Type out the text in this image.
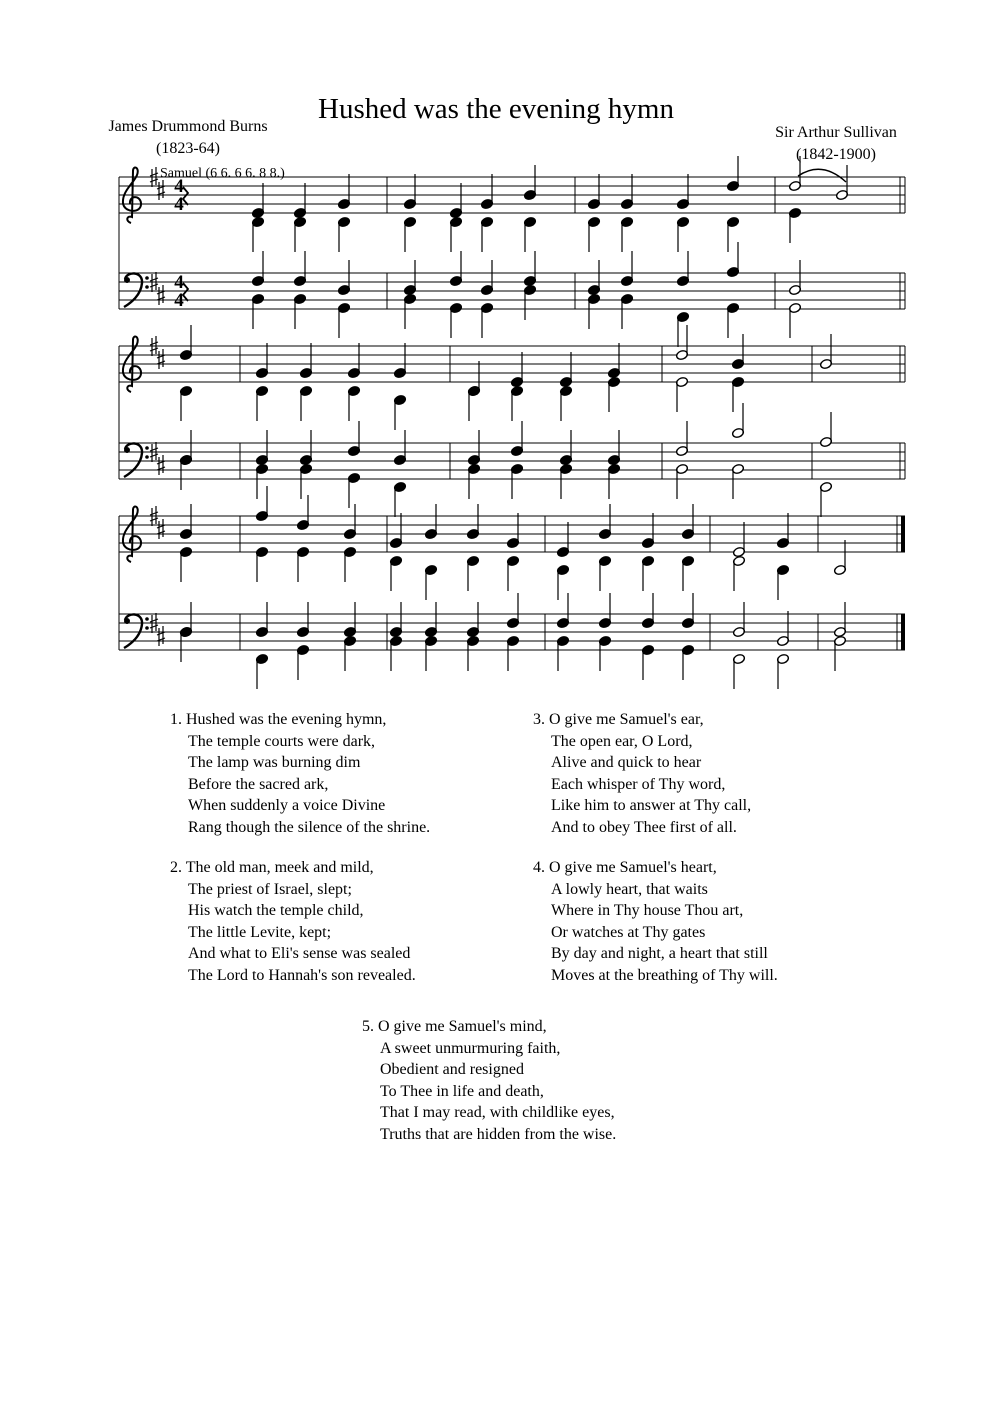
Hushed was the evening hymn
James Drummond Burns
(1823-64)
Sir Arthur Sullivan
(1842-1900)
Samuel (6 6. 6 6. 8 8.)
4
4
4
4
1. Hushed was the evening hymn,
The temple courts were dark,
The lamp was burning dim
Before the sacred ark,
When suddenly a voice Divine
Rang though the silence of the shrine.
3. O give me Samuel's ear,
The open ear, O Lord,
Alive and quick to hear
Each whisper of Thy word,
Like him to answer at Thy call,
And to obey Thee first of all.
2. The old man, meek and mild,
The priest of Israel, slept;
His watch the temple child,
The little Levite, kept;
And what to Eli's sense was sealed
The Lord to Hannah's son revealed.
4. O give me Samuel's heart,
A lowly heart, that waits
Where in Thy house Thou art,
Or watches at Thy gates
By day and night, a heart that still
Moves at the breathing of Thy will.
5. O give me Samuel's mind,
A sweet unmurmuring faith,
Obedient and resigned
To Thee in life and death,
That I may read, with childlike eyes,
Truths that are hidden from the wise.
